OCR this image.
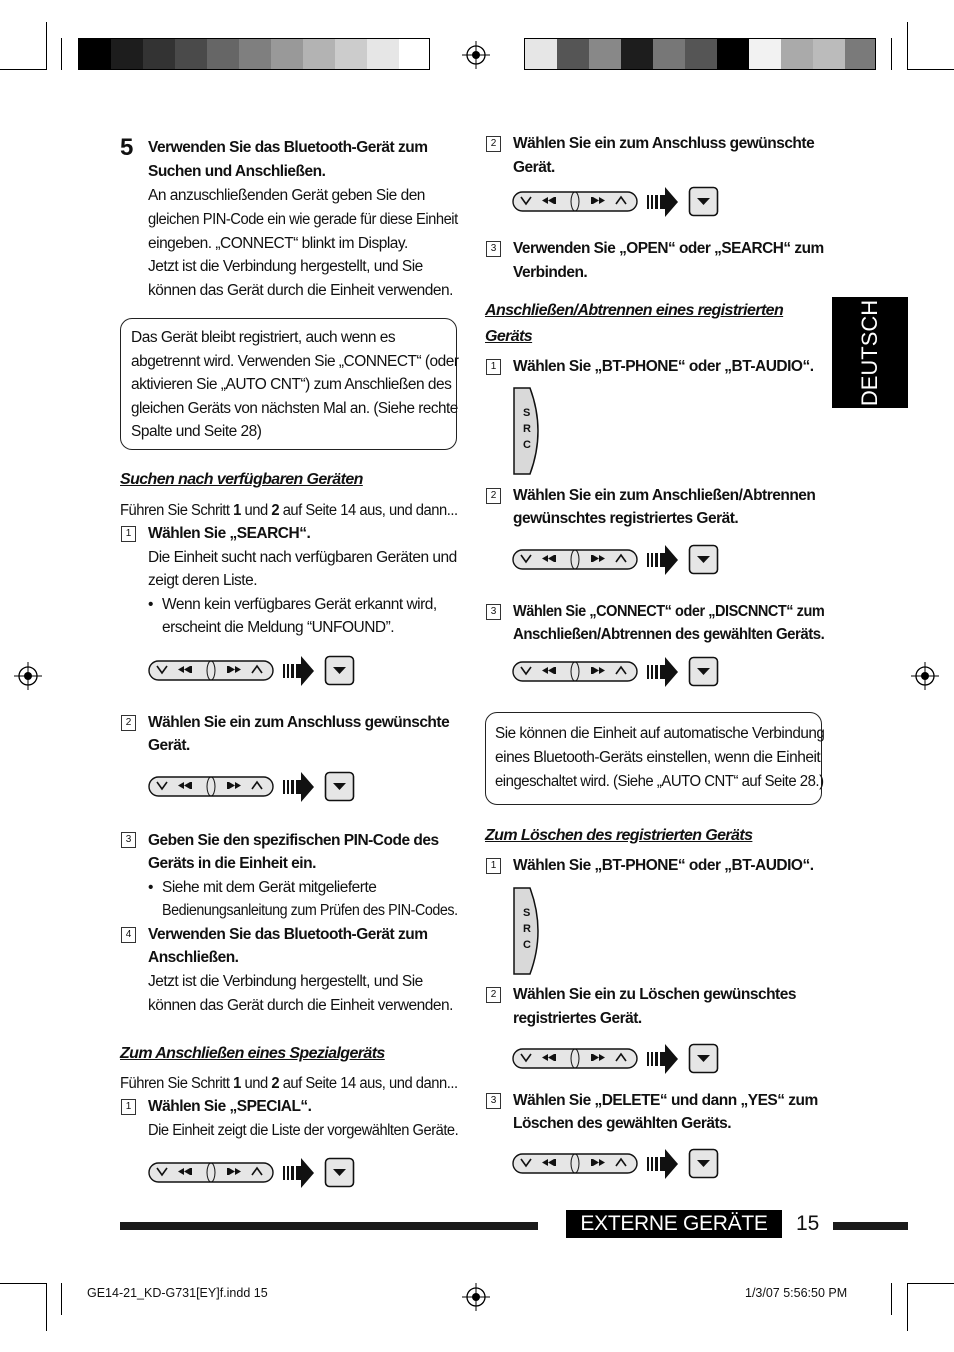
DEUTSCH
5 Verwenden Sie das Bluetooth-Gerät zum
Suchen und Anschließen.
An anzuschließenden Gerät geben Sie den
gleichen PIN-Code ein wie gerade für diese Einheit
eingeben. „CONNECT“ blinkt im Display.
Jetzt ist die Verbindung hergestellt, und Sie
können das Gerät durch die Einheit verwenden.
Das Gerät bleibt registriert, auch wenn es
abgetrennt wird. Verwenden Sie „CONNECT“ (oder
aktivieren Sie „AUTO CNT“) zum Anschließen des
gleichen Geräts von nächsten Mal an. (Siehe rechte
Spalte und Seite 28)
Suchen nach verfügbaren Geräten
Führen Sie Schritt 1 und 2 auf Seite 14 aus, und dann...
1	Wählen Sie „SEARCH“.
Die Einheit sucht nach verfügbaren Geräten und
zeigt deren Liste.
• Wenn kein verfügbares Gerät erkannt wird,
erscheint die Meldung “UNFOUND”.
2	Wählen Sie ein zum Anschluss gewünschte
Gerät.
3	Geben Sie den spezifischen PIN-Code des
Geräts in die Einheit ein.
• Siehe mit dem Gerät mitgelieferte
Bedienungsanleitung zum Prüfen des PIN-Codes.
4	Verwenden Sie das Bluetooth-Gerät zum
Anschließen.
Jetzt ist die Verbindung hergestellt, und Sie
können das Gerät durch die Einheit verwenden.
Zum Anschließen eines Spezialgeräts
Führen Sie Schritt 1 und 2 auf Seite 14 aus, und dann...
1	Wählen Sie „SPECIAL“.
Die Einheit zeigt die Liste der vorgewählten Geräte.
2	Wählen Sie ein zum Anschluss gewünschte
Gerät.
3	Verwenden Sie „OPEN“ oder „SEARCH“ zum
Verbinden.
Anschließen/Abtrennen eines registrierten
Geräts
1	Wählen Sie „BT-PHONE“ oder „BT-AUDIO“.
S
R
C
2	Wählen Sie ein zum Anschließen/Abtrennen
gewünschtes registriertes Gerät.
3	Wählen Sie „CONNECT“ oder „DISCNNCT“ zum
Anschließen/Abtrennen des gewählten Geräts.
Sie können die Einheit auf automatische Verbindung
eines Bluetooth-Geräts einstellen, wenn die Einheit
eingeschaltet wird. (Siehe „AUTO CNT“ auf Seite 28.)
Zum Löschen des registrierten Geräts
1	Wählen Sie „BT-PHONE“ oder „BT-AUDIO“.
S
R
C
2	Wählen Sie ein zu Löschen gewünschtes
registriertes Gerät.
3	Wählen Sie „DELETE“ und dann „YES“ zum
Löschen des gewählten Geräts.
EXTERNE GERÄTE	15
GE14-21_KD-G731[EY]f.indd 15	1/3/07 5:56:50 PM
